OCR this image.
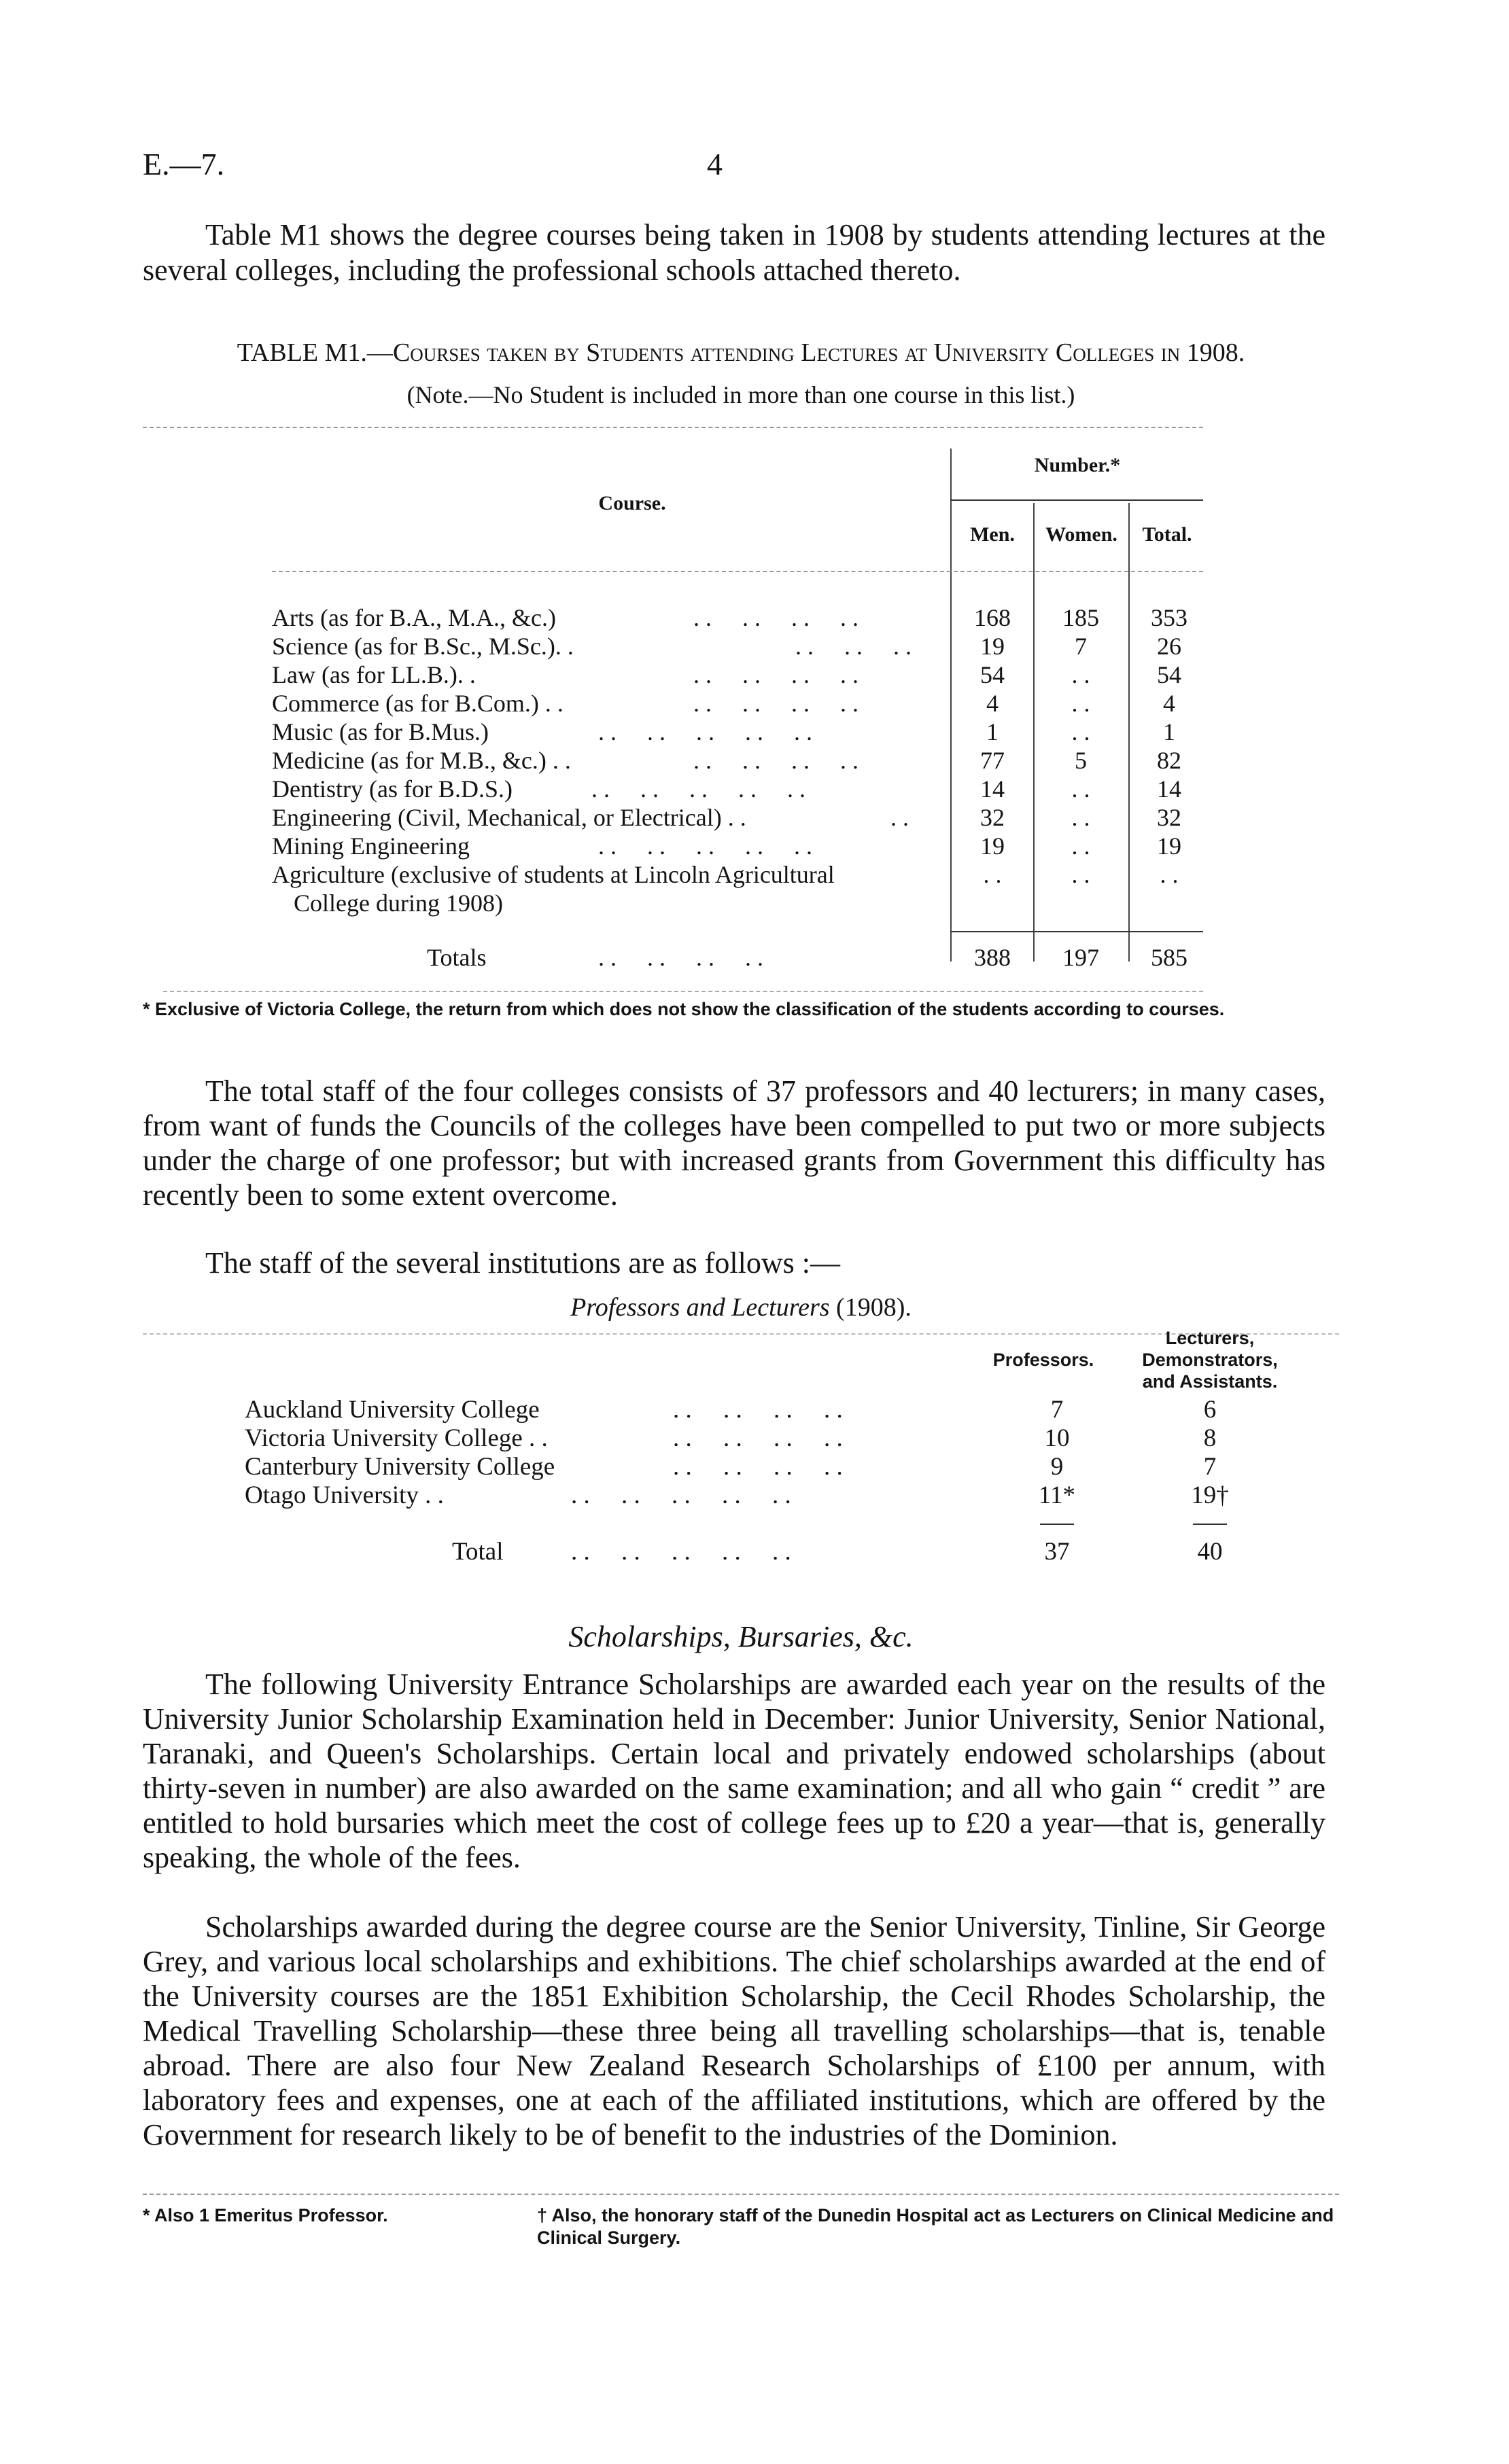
E.—7.	4
Table M1 shows the degree courses being taken in 1908 by students attending lectures at the several colleges, including the professional schools attached thereto.
TABLE M1.—Courses taken by Students attending Lectures at University Colleges in 1908.
(Note.—No Student is included in more than one course in this list.)
Course.
Number.*
Men.	Women.	Total.
Arts (as for B.A., M.A., &c.)	. .     . .     . .     . .	168	185	353
Science (as for B.Sc., M.Sc.). .	. .     . .     . .	19	7	26
Law (as for LL.B.). .	. .     . .     . .     . .	54	. .	54
Commerce (as for B.Com.) . .	. .     . .     . .     . .	4	. .	4
Music (as for B.Mus.)	. .     . .     . .     . .     . .	1	. .	1
Medicine (as for M.B., &c.) . .	. .     . .     . .     . .	77	5	82
Dentistry (as for B.D.S.)	. .     . .     . .     . .     . .	14	. .	14
Engineering (Civil, Mechanical, or Electrical) . .	. .	32	. .	32
Mining Engineering	. .     . .     . .     . .     . .	19	. .	19
Agriculture (exclusive of students at Lincoln Agricultural	. .	. .	. .
College during 1908)
Totals	. .     . .     . .     . .	388	197	585
* Exclusive of Victoria College, the return from which does not show the classification of the students according to courses.
The total staff of the four colleges consists of 37 professors and 40 lecturers; in many cases, from want of funds the Councils of the colleges have been compelled to put two or more subjects under the charge of one professor; but with increased grants from Government this difficulty has recently been to some extent overcome.
The staff of the several institutions are as follows :—
Professors and Lecturers (1908).
Professors.
Lecturers,
Demonstrators,
and Assistants.
Auckland University College	. .     . .     . .     . .	7	6
Victoria University College . .	. .     . .     . .     . .	10	8
Canterbury University College	. .     . .     . .     . .	9	7
Otago University . .	. .     . .     . .     . .     . .	11*	19†
Total	. .     . .     . .     . .     . .	37	40
Scholarships, Bursaries, &c.
The following University Entrance Scholarships are awarded each year on the results of the University Junior Scholarship Examination held in December: Junior University, Senior National, Taranaki, and Queen's Scholarships. Certain local and privately endowed scholarships (about thirty-seven in number) are also awarded on the same examination; and all who gain “ credit ” are entitled to hold bursaries which meet the cost of college fees up to £20 a year—that is, generally speaking, the whole of the fees.
Scholarships awarded during the degree course are the Senior University, Tinline, Sir George Grey, and various local scholarships and exhibitions. The chief scholarships awarded at the end of the University courses are the 1851 Exhibition Scholarship, the Cecil Rhodes Scholarship, the Medical Travelling Scholarship—these three being all travelling scholarships—that is, tenable abroad. There are also four New Zealand Research Scholarships of £100 per annum, with laboratory fees and expenses, one at each of the affiliated institutions, which are offered by the Government for research likely to be of benefit to the industries of the Dominion.
* Also 1 Emeritus Professor.	† Also, the honorary staff of the Dunedin Hospital act as Lecturers on Clinical Medicine and Clinical Surgery.
